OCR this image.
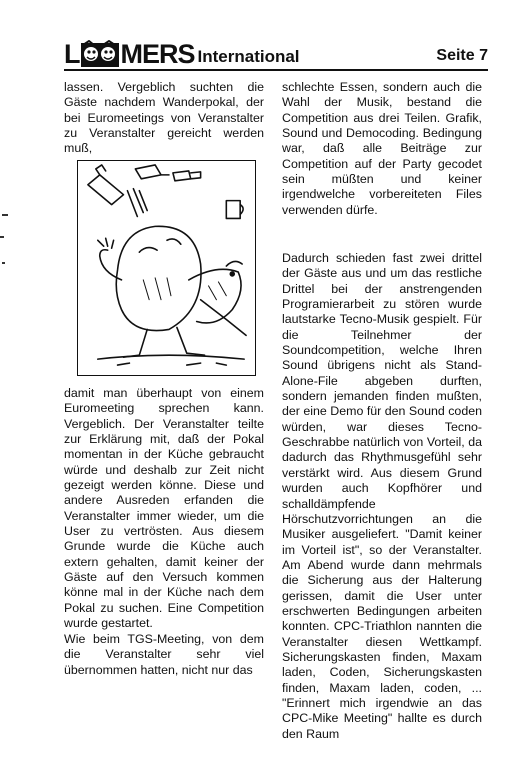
L MERS International	Seite 7

lassen. Vergeblich suchten die Gäste nachdem Wanderpokal, der bei Euromeetings von Veranstalter zu Veranstalter gereicht werden muß,

damit man überhaupt von einem Euromeeting sprechen kann. Vergeblich. Der Veranstalter teilte zur Erklärung mit, daß der Pokal momentan in der Küche gebraucht würde und deshalb zur Zeit nicht gezeigt werden könne. Diese und andere Ausreden erfanden die Veranstalter immer wieder, um die User zu vertrösten. Aus diesem Grunde wurde die Küche auch extern gehalten, damit keiner der Gäste auf den Versuch kommen könne mal in der Küche nach dem Pokal zu suchen. Eine Competition wurde gestartet.

Wie beim TGS-Meeting, von dem die Veranstalter sehr viel übernommen hatten, nicht nur das

schlechte Essen, sondern auch die Wahl der Musik, bestand die Competition aus drei Teilen. Grafik, Sound und Democoding. Bedingung war, daß alle Beiträge zur Competition auf der Party gecodet sein müßten und keiner irgendwelche vorbereiteten Files verwenden dürfe.

Dadurch schieden fast zwei drittel der Gäste aus und um das restliche Drittel bei der anstrengenden Programierarbeit zu stören wurde lautstarke Tecno-Musik gespielt. Für die Teilnehmer der Soundcompetition, welche Ihren Sound übrigens nicht als Stand-Alone-File abgeben durften, sondern jemanden finden mußten, der eine Demo für den Sound coden würden, war dieses Tecno-Geschrabbe natürlich von Vorteil, da dadurch das Rhythmusgefühl sehr verstärkt wird. Aus diesem Grund wurden auch Kopfhörer und schalldämpfende Hörschutzvorrichtungen an die Musiker ausgeliefert. "Damit keiner im Vorteil ist", so der Veranstalter. Am Abend wurde dann mehrmals die Sicherung aus der Halterung gerissen, damit die User unter erschwerten Bedingungen arbeiten konnten. CPC-Triathlon nannten die Veranstalter diesen Wettkampf. Sicherungskasten finden, Maxam laden, Coden, Sicherungskasten finden, Maxam laden, coden, ... "Erinnert mich irgendwie an das CPC-Mike Meeting" hallte es durch den Raum
